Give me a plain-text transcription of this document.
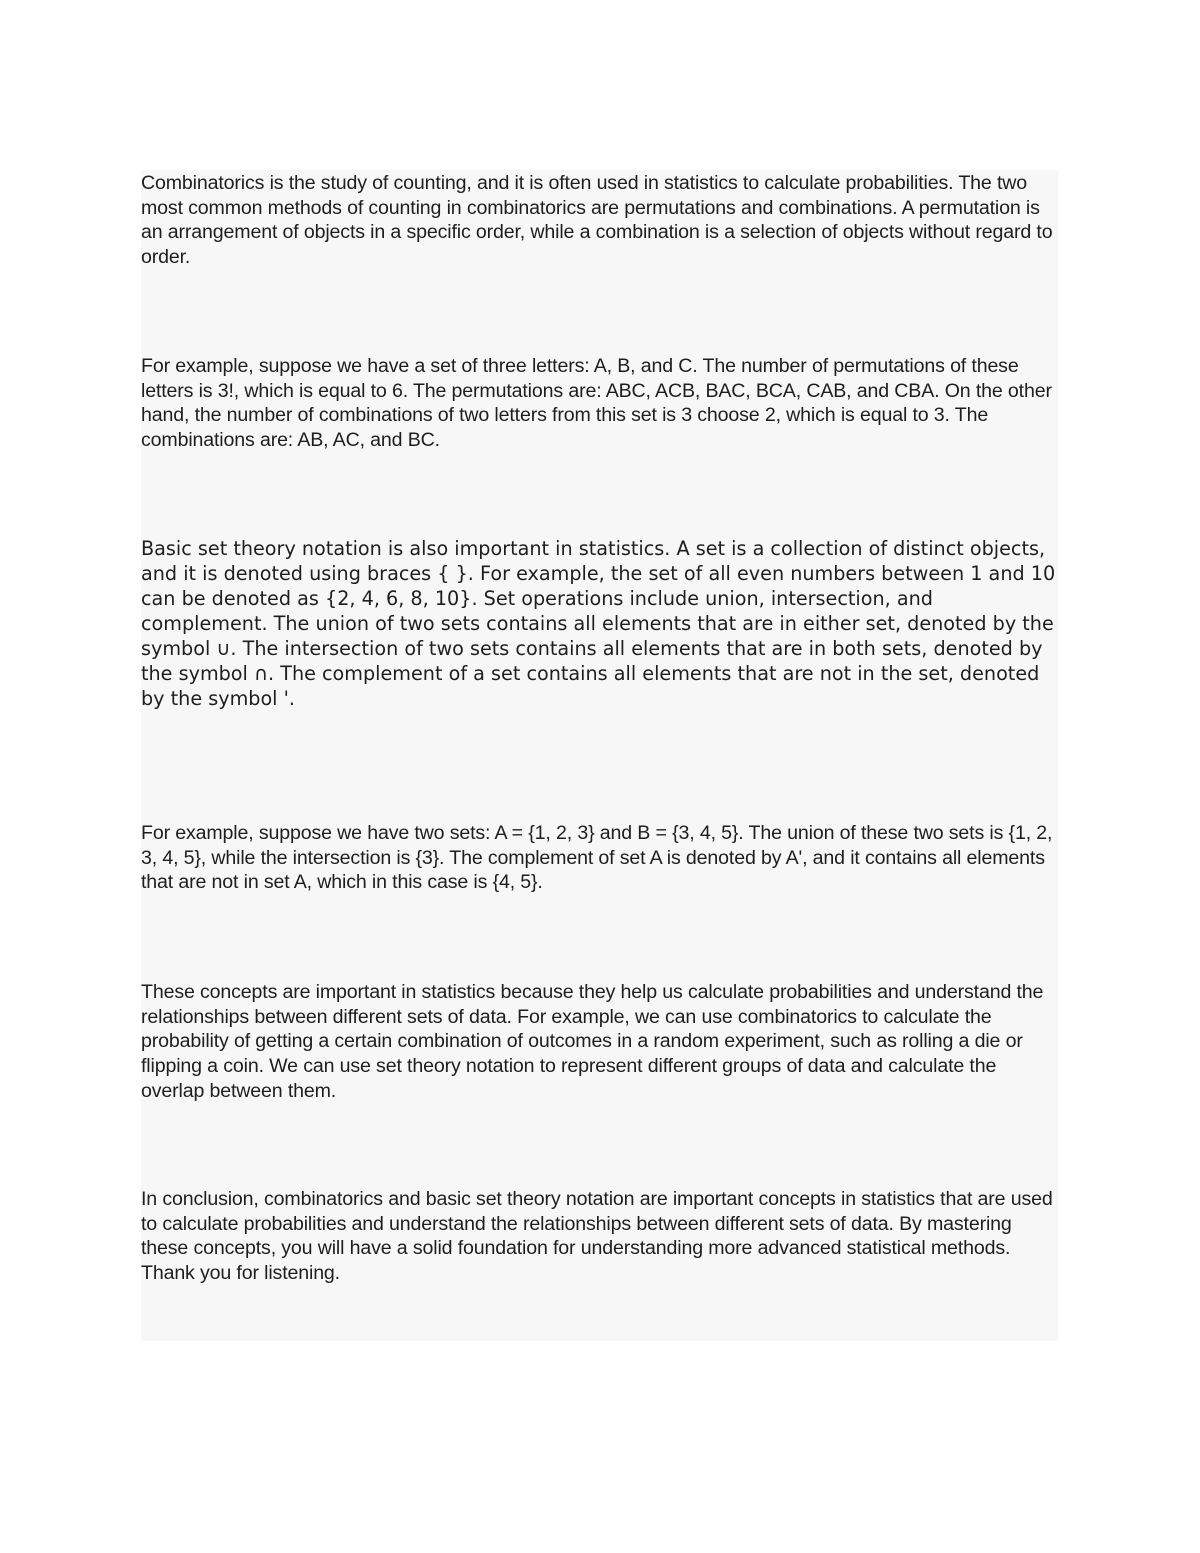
Combinatorics is the study of counting, and it is often used in statistics to calculate probabilities. The two most common methods of counting in combinatorics are permutations and combinations. A permutation is an arrangement of objects in a specific order, while a combination is a selection of objects without regard to order.

For example, suppose we have a set of three letters: A, B, and C. The number of permutations of these letters is 3!, which is equal to 6. The permutations are: ABC, ACB, BAC, BCA, CAB, and CBA. On the other hand, the number of combinations of two letters from this set is 3 choose 2, which is equal to 3. The combinations are: AB, AC, and BC.

Basic set theory notation is also important in statistics. A set is a collection of distinct objects, and it is denoted using braces { }. For example, the set of all even numbers between 1 and 10 can be denoted as {2, 4, 6, 8, 10}. Set operations include union, intersection, and complement. The union of two sets contains all elements that are in either set, denoted by the symbol ∪. The intersection of two sets contains all elements that are in both sets, denoted by the symbol ∩. The complement of a set contains all elements that are not in the set, denoted by the symbol '.

For example, suppose we have two sets: A = {1, 2, 3} and B = {3, 4, 5}. The union of these two sets is {1, 2, 3, 4, 5}, while the intersection is {3}. The complement of set A is denoted by A', and it contains all elements that are not in set A, which in this case is {4, 5}.

These concepts are important in statistics because they help us calculate probabilities and understand the relationships between different sets of data. For example, we can use combinatorics to calculate the probability of getting a certain combination of outcomes in a random experiment, such as rolling a die or flipping a coin. We can use set theory notation to represent different groups of data and calculate the overlap between them.

In conclusion, combinatorics and basic set theory notation are important concepts in statistics that are used to calculate probabilities and understand the relationships between different sets of data. By mastering these concepts, you will have a solid foundation for understanding more advanced statistical methods. Thank you for listening.
